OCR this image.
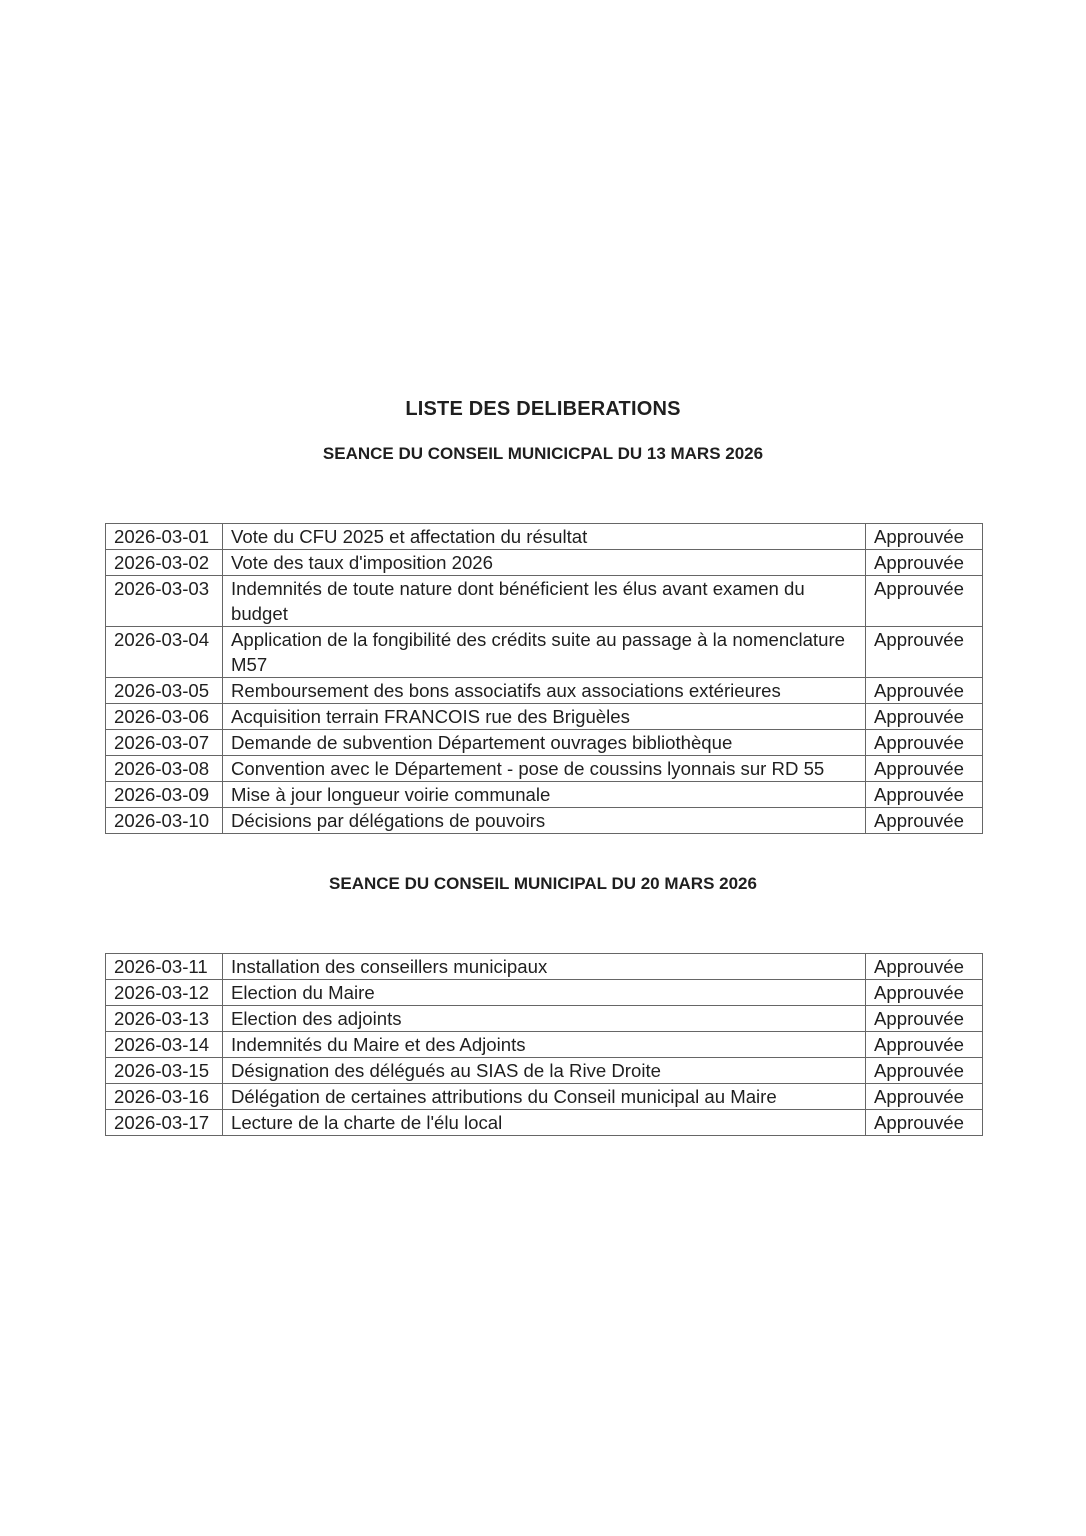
LISTE DES DELIBERATIONS
SEANCE DU CONSEIL MUNICICPAL DU 13 MARS 2026
2026-03-01	Vote du CFU 2025 et affectation du résultat	Approuvée
2026-03-02	Vote des taux d'imposition 2026	Approuvée
2026-03-03	Indemnités de toute nature dont bénéficient les élus avant examen du budget	Approuvée
2026-03-04	Application de la fongibilité des crédits suite au passage à la nomenclature M57	Approuvée
2026-03-05	Remboursement des bons associatifs aux associations extérieures	Approuvée
2026-03-06	Acquisition terrain FRANCOIS rue des Briguèles	Approuvée
2026-03-07	Demande de subvention Département ouvrages bibliothèque	Approuvée
2026-03-08	Convention avec le Département - pose de coussins lyonnais sur RD 55	Approuvée
2026-03-09	Mise à jour longueur voirie communale	Approuvée
2026-03-10	Décisions par délégations de pouvoirs	Approuvée
SEANCE DU CONSEIL MUNICIPAL DU 20 MARS 2026
2026-03-11	Installation des conseillers municipaux	Approuvée
2026-03-12	Election du Maire	Approuvée
2026-03-13	Election des adjoints	Approuvée
2026-03-14	Indemnités du Maire et des Adjoints	Approuvée
2026-03-15	Désignation des délégués au SIAS de la Rive Droite	Approuvée
2026-03-16	Délégation de certaines attributions du Conseil municipal au Maire	Approuvée
2026-03-17	Lecture de la charte de l'élu local	Approuvée
